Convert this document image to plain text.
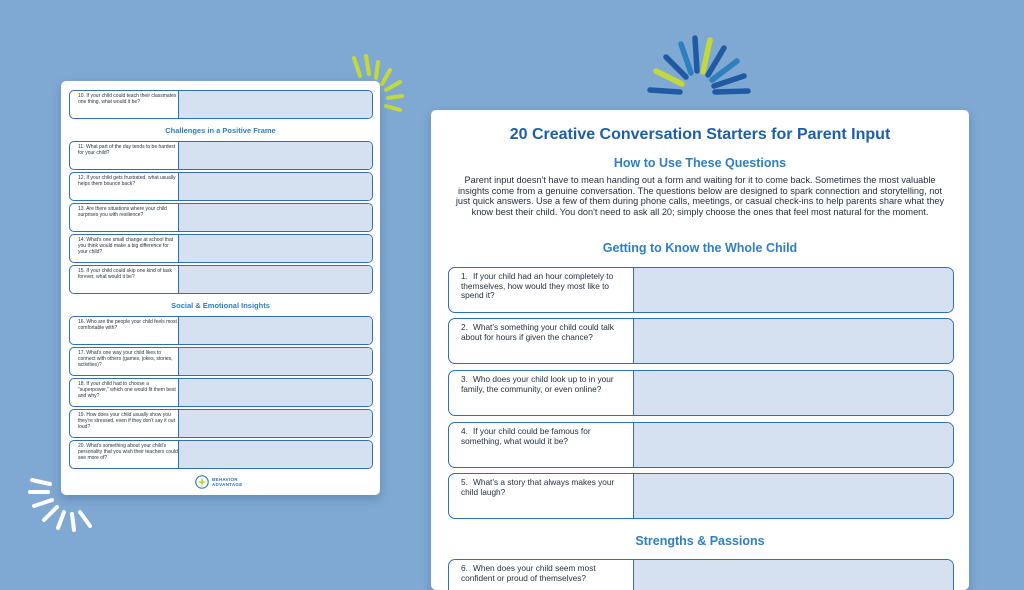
10. If your child could teach their classmates one thing, what would it be?
Challenges in a Positive Frame
11. What part of the day tends to be hardest for your child?
12. If your child gets frustrated, what usually helps them bounce back?
13. Are there situations where your child surprises you with resilience?
14. What's one small change at school that you think would make a big difference for your child?
15. If your child could skip one kind of task forever, what would it be?
Social & Emotional Insights
16. Who are the people your child feels most comfortable with?
17. What's one way your child likes to connect with others (games, jokes, stories, activities)?
18. If your child had to choose a "superpower," which one would fit them best and why?
19. How does your child usually show you they're stressed, even if they don't say it out loud?
20. What's something about your child's personality that you wish their teachers could see more of?
BEHAVIOR
ADVANTAGE
20 Creative Conversation Starters for Parent Input
How to Use These Questions

Parent input doesn't have to mean handing out a form and waiting for it to come back. Sometimes the most valuable insights come from a genuine conversation. The questions below are designed to spark connection and storytelling, not just quick answers. Use a few of them during phone calls, meetings, or casual check-ins to help parents share what they know best their child. You don't need to ask all 20; simply choose the ones that feel most natural for the moment.

Getting to Know the Whole Child
1. If your child had an hour completely to themselves, how would they most like to spend it?
2. What's something your child could talk about for hours if given the chance?
3. Who does your child look up to in your family, the community, or even online?
4. If your child could be famous for something, what would it be?
5. What's a story that always makes your child laugh?
Strengths & Passions
6. When does your child seem most confident or proud of themselves?
